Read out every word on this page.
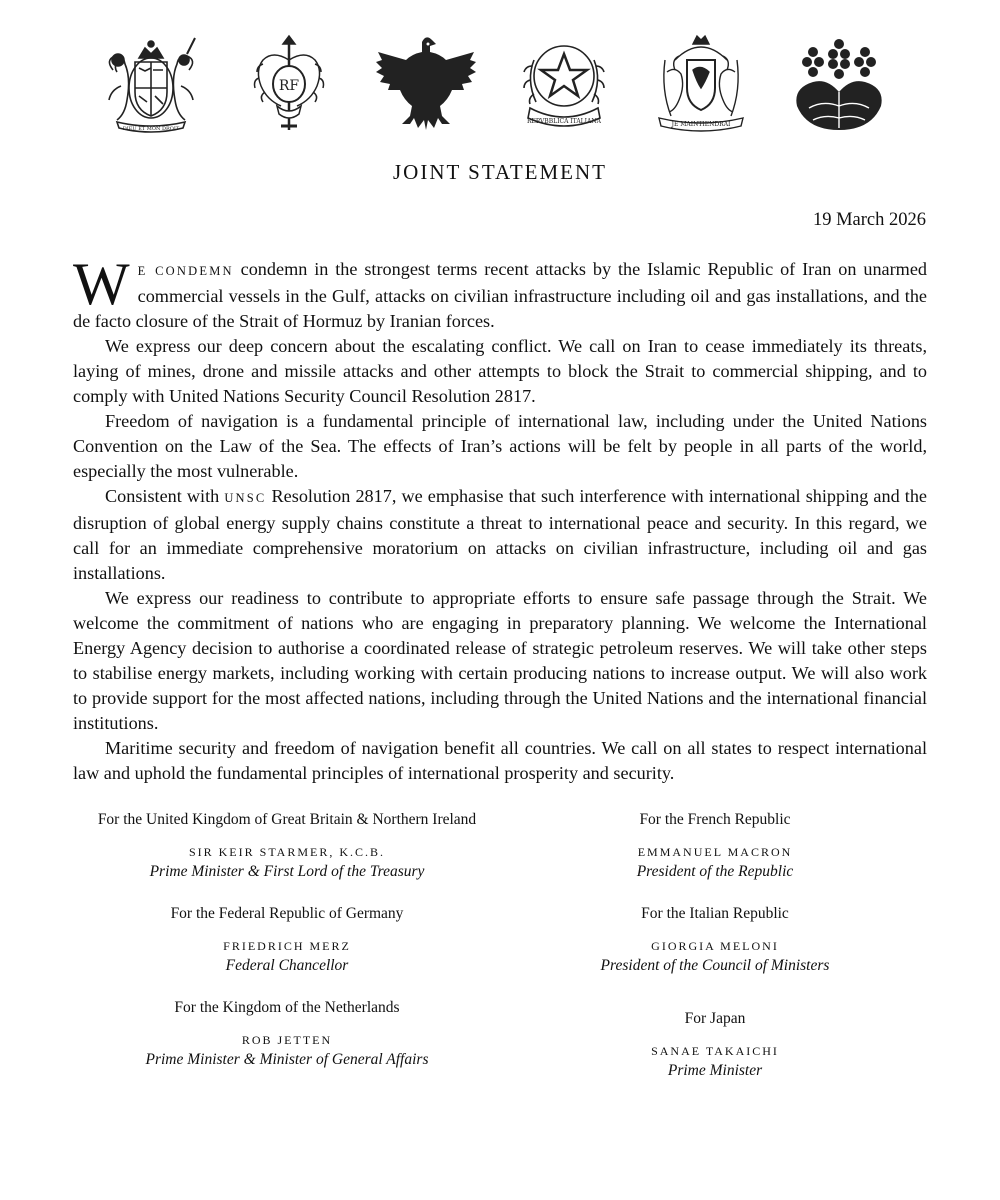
DIEU ET MON DROIT
RF
REPVBBLICA ITALIANA	JE MAINTIENDRAI
JOINT STATEMENT
19 March 2026

WE CONDEMN condemn in the strongest terms recent attacks by the Islamic Republic of Iran on unarmed commercial vessels in the Gulf, attacks on civilian infrastructure including oil and gas installations, and the de facto closure of the Strait of Hormuz by Iranian forces.

We express our deep concern about the escalating conflict. We call on Iran to cease immediately its threats, laying of mines, drone and missile attacks and other attempts to block the Strait to commercial shipping, and to comply with United Nations Security Council Resolution 2817.

Freedom of navigation is a fundamental principle of international law, including under the United Nations Convention on the Law of the Sea. The effects of Iran’s actions will be felt by people in all parts of the world, especially the most vulnerable.

Consistent with UNSC Resolution 2817, we emphasise that such interference with international shipping and the disruption of global energy supply chains constitute a threat to international peace and security. In this regard, we call for an immediate comprehensive moratorium on attacks on civilian infrastructure, including oil and gas installations.

We express our readiness to contribute to appropriate efforts to ensure safe passage through the Strait. We welcome the commitment of nations who are engaging in preparatory planning. We welcome the International Energy Agency decision to authorise a coordinated release of strategic petroleum reserves. We will take other steps to stabilise energy markets, including working with certain producing nations to increase output. We will also work to provide support for the most affected nations, including through the United Nations and the international financial institutions.

Maritime security and freedom of navigation benefit all countries. We call on all states to respect international law and uphold the fundamental principles of international prosperity and security.

For the United Kingdom of Great Britain & Northern Ireland
SIR KEIR STARMER, K.C.B.
Prime Minister & First Lord of the Treasury
For the French Republic
EMMANUEL MACRON
President of the Republic
For the Federal Republic of Germany
FRIEDRICH MERZ
Federal Chancellor
For the Italian Republic
GIORGIA MELONI
President of the Council of Ministers
For the Kingdom of the Netherlands
ROB JETTEN
Prime Minister & Minister of General Affairs
For Japan
SANAE TAKAICHI
Prime Minister
